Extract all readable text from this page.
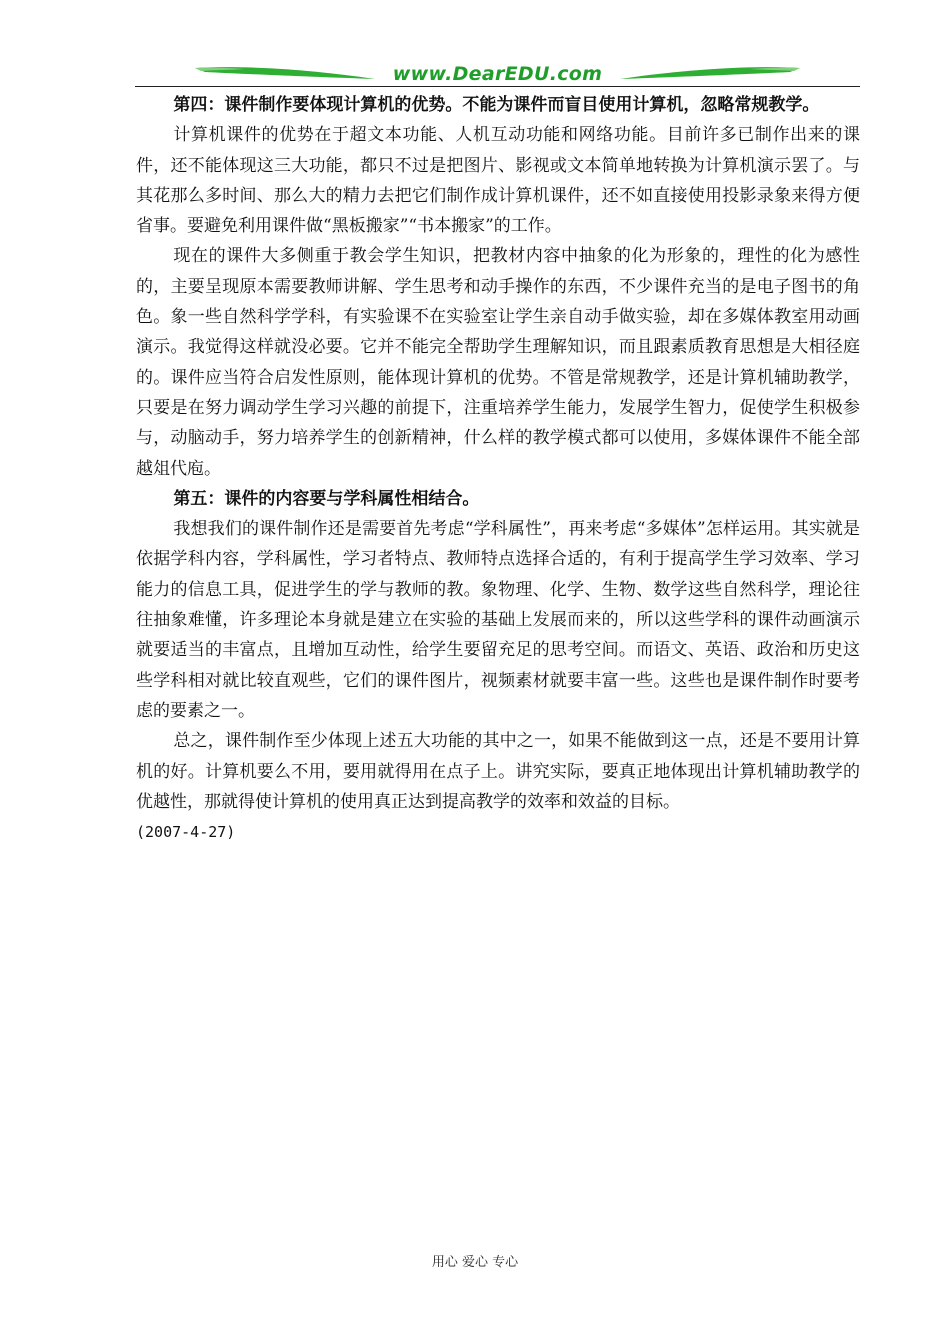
www.DearEDU.com

第四：课件制作要体现计算机的优势。不能为课件而盲目使用计算机，忽略常规教学。

计算机课件的优势在于超文本功能、人机互动功能和网络功能。目前许多已制作出来的课件，还不能体现这三大功能，都只不过是把图片、影视或文本简单地转换为计算机演示罢了。与其花那么多时间、那么大的精力去把它们制作成计算机课件，还不如直接使用投影录象来得方便省事。要避免利用课件做“黑板搬家”“书本搬家”的工作。

现在的课件大多侧重于教会学生知识，把教材内容中抽象的化为形象的，理性的化为感性的，主要呈现原本需要教师讲解、学生思考和动手操作的东西，不少课件充当的是电子图书的角色。象一些自然科学学科，有实验课不在实验室让学生亲自动手做实验，却在多媒体教室用动画演示。我觉得这样就没必要。它并不能完全帮助学生理解知识，而且跟素质教育思想是大相径庭的。课件应当符合启发性原则，能体现计算机的优势。不管是常规教学，还是计算机辅助教学，只要是在努力调动学生学习兴趣的前提下，注重培养学生能力，发展学生智力，促使学生积极参与，动脑动手，努力培养学生的创新精神，什么样的教学模式都可以使用，多媒体课件不能全部越俎代庖。

第五：课件的内容要与学科属性相结合。

我想我们的课件制作还是需要首先考虑“学科属性”，再来考虑“多媒体”怎样运用。其实就是依据学科内容，学科属性，学习者特点、教师特点选择合适的，有利于提高学生学习效率、学习能力的信息工具，促进学生的学与教师的教。象物理、化学、生物、数学这些自然科学，理论往往抽象难懂，许多理论本身就是建立在实验的基础上发展而来的，所以这些学科的课件动画演示就要适当的丰富点，且增加互动性，给学生要留充足的思考空间。而语文、英语、政治和历史这些学科相对就比较直观些，它们的课件图片，视频素材就要丰富一些。这些也是课件制作时要考虑的要素之一。

总之，课件制作至少体现上述五大功能的其中之一，如果不能做到这一点，还是不要用计算机的好。计算机要么不用，要用就得用在点子上。讲究实际，要真正地体现出计算机辅助教学的优越性，那就得使计算机的使用真正达到提高教学的效率和效益的目标。

(2007-4-27)

用心 爱心 专心
